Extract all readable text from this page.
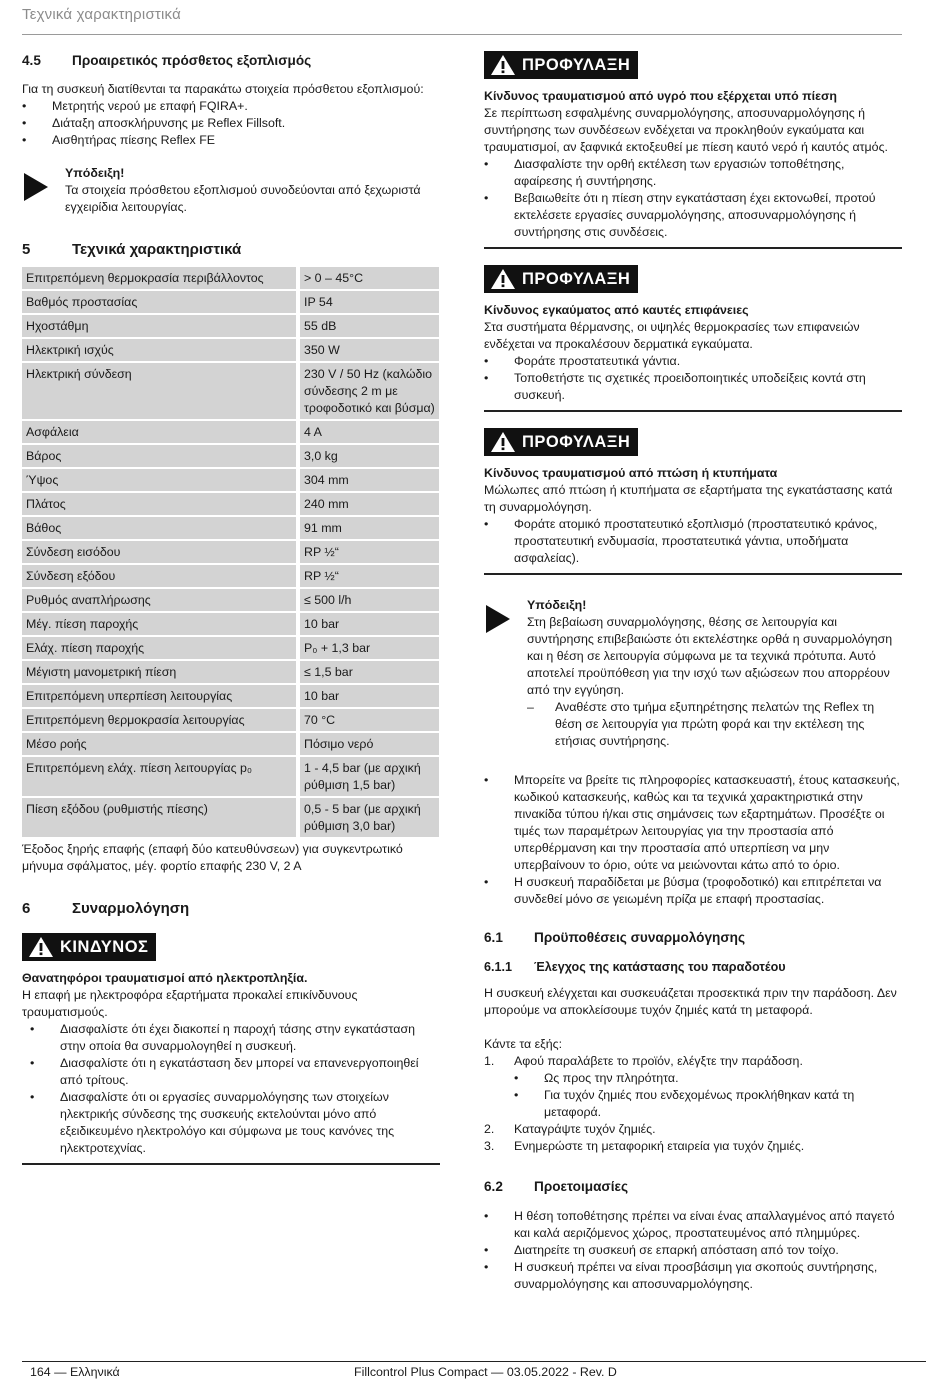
Τεχνικά χαρακτηριστικά
4.5 Προαιρετικός πρόσθετος εξοπλισμός

Για τη συσκευή διατίθενται τα παρακάτω στοιχεία πρόσθετου εξοπλισμού:

• Μετρητής νερού με επαφή FQIRA+.
• Διάταξη αποσκλήρυνσης με Reflex Fillsoft.
• Αισθητήρας πίεσης Reflex FE

Υπόδειξη!

Τα στοιχεία πρόσθετου εξοπλισμού συνοδεύονται από ξεχωριστά εγχειρίδια λειτουργίας.

5	Τεχνικά χαρακτηριστικά
Επιτρεπόμενη θερμοκρασία περιβάλλοντος	> 0 – 45°C
Βαθμός προστασίας	IP 54
Ηχοστάθμη	55 dB
Ηλεκτρική ισχύς	350 W
Ηλεκτρική σύνδεση	230 V / 50 Hz (καλώδιο σύνδεσης 2 m με τροφοδοτικό και βύσμα)
Ασφάλεια	4 A
Βάρος	3,0 kg
Ύψος	304 mm
Πλάτος	240 mm
Βάθος	91 mm
Σύνδεση εισόδου	RP ½“
Σύνδεση εξόδου	RP ½“
Ρυθμός αναπλήρωσης	≤ 500 l/h
Μέγ. πίεση παροχής	10 bar
Ελάχ. πίεση παροχής	P₀ + 1,3 bar
Μέγιστη μανομετρική πίεση	≤ 1,5 bar
Επιτρεπόμενη υπερπίεση λειτουργίας	10 bar
Επιτρεπόμενη θερμοκρασία λειτουργίας	70 °C
Μέσο ροής	Πόσιμο νερό
Επιτρεπόμενη ελάχ. πίεση λειτουργίας p₀	1 - 4,5 bar (με αρχική ρύθμιση 1,5 bar)
Πίεση εξόδου (ρυθμιστής πίεσης)	0,5 - 5 bar (με αρχική ρύθμιση 3,0 bar)

Έξοδος ξηρής επαφής (επαφή δύο κατευθύνσεων) για συγκεντρωτικό μήνυμα σφάλματος, μέγ. φορτίο επαφής 230 V, 2 A

6	Συναρμολόγηση
ΚΙΝΔΥΝΟΣ

Θανατηφόροι τραυματισμοί από ηλεκτροπληξία.

Η επαφή με ηλεκτροφόρα εξαρτήματα προκαλεί επικίνδυνους τραυματισμούς.

• Διασφαλίστε ότι έχει διακοπεί η παροχή τάσης στην εγκατάσταση στην οποία θα συναρμολογηθεί η συσκευή.
• Διασφαλίστε ότι η εγκατάσταση δεν μπορεί να επανενεργοποιηθεί από τρίτους.
• Διασφαλίστε ότι οι εργασίες συναρμολόγησης των στοιχείων ηλεκτρικής σύνδεσης της συσκευής εκτελούνται μόνο από εξειδικευμένο ηλεκτρολόγο και σύμφωνα με τους κανόνες της ηλεκτροτεχνίας.
ΠΡΟΦΥΛΑΞΗ

Κίνδυνος τραυματισμού από υγρό που εξέρχεται υπό πίεση

Σε περίπτωση εσφαλμένης συναρμολόγησης, αποσυναρμολόγησης ή συντήρησης των συνδέσεων ενδέχεται να προκληθούν εγκαύματα και τραυματισμοί, αν ξαφνικά εκτοξευθεί με πίεση καυτό νερό ή καυτός ατμός.

• Διασφαλίστε την ορθή εκτέλεση των εργασιών τοποθέτησης, αφαίρεσης ή συντήρησης.
• Βεβαιωθείτε ότι η πίεση στην εγκατάσταση έχει εκτονωθεί, προτού εκτελέσετε εργασίες συναρμολόγησης, αποσυναρμολόγησης ή συντήρησης στις συνδέσεις.
ΠΡΟΦΥΛΑΞΗ

Κίνδυνος εγκαύματος από καυτές επιφάνειες

Στα συστήματα θέρμανσης, οι υψηλές θερμοκρασίες των επιφανειών ενδέχεται να προκαλέσουν δερματικά εγκαύματα.

• Φοράτε προστατευτικά γάντια.
• Τοποθετήστε τις σχετικές προειδοποιητικές υποδείξεις κοντά στη συσκευή.
ΠΡΟΦΥΛΑΞΗ

Κίνδυνος τραυματισμού από πτώση ή κτυπήματα

Μώλωπες από πτώση ή κτυπήματα σε εξαρτήματα της εγκατάστασης κατά τη συναρμολόγηση.

• Φοράτε ατομικό προστατευτικό εξοπλισμό (προστατευτικό κράνος, προστατευτική ενδυμασία, προστατευτικά γάντια, υποδήματα ασφαλείας).

Υπόδειξη!

Στη βεβαίωση συναρμολόγησης, θέσης σε λειτουργία και συντήρησης επιβεβαιώστε ότι εκτελέστηκε ορθά η συναρμολόγηση και η θέση σε λειτουργία σύμφωνα με τα τεχνικά πρότυπα. Αυτό αποτελεί προϋπόθεση για την ισχύ των αξιώσεων που απορρέουν από την εγγύηση.

– Αναθέστε στο τμήμα εξυπηρέτησης πελατών της Reflex τη θέση σε λειτουργία για πρώτη φορά και την εκτέλεση της ετήσιας συντήρησης.
• Μπορείτε να βρείτε τις πληροφορίες κατασκευαστή, έτους κατασκευής, κωδικού κατασκευής, καθώς και τα τεχνικά χαρακτηριστικά στην πινακίδα τύπου ή/και στις σημάνσεις των εξαρτημάτων. Προσέξτε οι τιμές των παραμέτρων λειτουργίας για την προστασία από υπερθέρμανση και την προστασία από υπερπίεση να μην υπερβαίνουν το όριο, ούτε να μειώνονται κάτω από το όριο.
• Η συσκευή παραδίδεται με βύσμα (τροφοδοτικό) και επιτρέπεται να συνδεθεί μόνο σε γειωμένη πρίζα με επαφή προστασίας.
6.1 Προϋποθέσεις συναρμολόγησης
6.1.1 Έλεγχος της κατάστασης του παραδοτέου

Η συσκευή ελέγχεται και συσκευάζεται προσεκτικά πριν την παράδοση. Δεν μπορούμε να αποκλείσουμε τυχόν ζημιές κατά τη μεταφορά.

Κάντε τα εξής:

1. Αφού παραλάβετε το προϊόν, ελέγξτε την παράδοση.
• Ως προς την πληρότητα.
• Για τυχόν ζημιές που ενδεχομένως προκλήθηκαν κατά τη μεταφορά.
2. Καταγράψτε τυχόν ζημιές.
3. Ενημερώστε τη μεταφορική εταιρεία για τυχόν ζημιές.
6.2 Προετοιμασίες
• Η θέση τοποθέτησης πρέπει να είναι ένας απαλλαγμένος από παγετό και καλά αεριζόμενος χώρος, προστατευμένος από πλημμύρες.
• Διατηρείτε τη συσκευή σε επαρκή απόσταση από τον τοίχο.
• Η συσκευή πρέπει να είναι προσβάσιμη για σκοπούς συντήρησης, συναρμολόγησης και αποσυναρμολόγησης.
164 — Ελληνικά	Fillcontrol Plus Compact — 03.05.2022 - Rev. D
